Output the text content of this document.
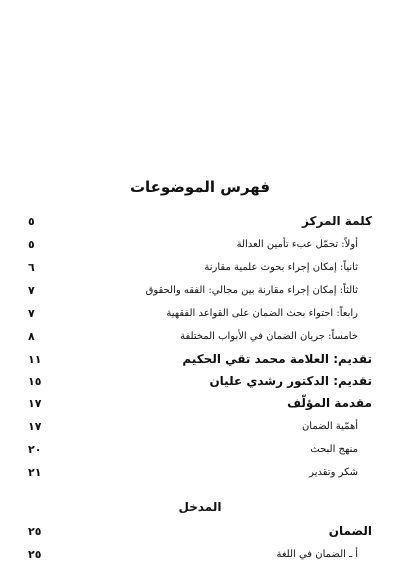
فهرس الموضوعات
كلمة المركز
٥
أولاً: تحمّل عبء تأمين العدالة
٥
ثانياً: إمكان إجراء بحوث علمية مقارنة
٦
ثالثاً: إمكان إجراء مقارنة بين مجالي: الفقه والحقوق
٧
رابعاً: احتواء بحث الضمان على القواعد الفقهية
٧
خامساً: جريان الضمان في الأبواب المختلفة
٨
تقديم: العلامة محمد تقي الحكيم
١١
تقديم: الدكتور رشدي عليان
١٥
مقدمة المؤلّف
١٧
أهمّية الضمان
١٧
منهج البحث
٢٠
شكر وتقدير
٢١
الضمان
٢٥
أ ـ الضمان في اللغة
٢٥
المدخل
